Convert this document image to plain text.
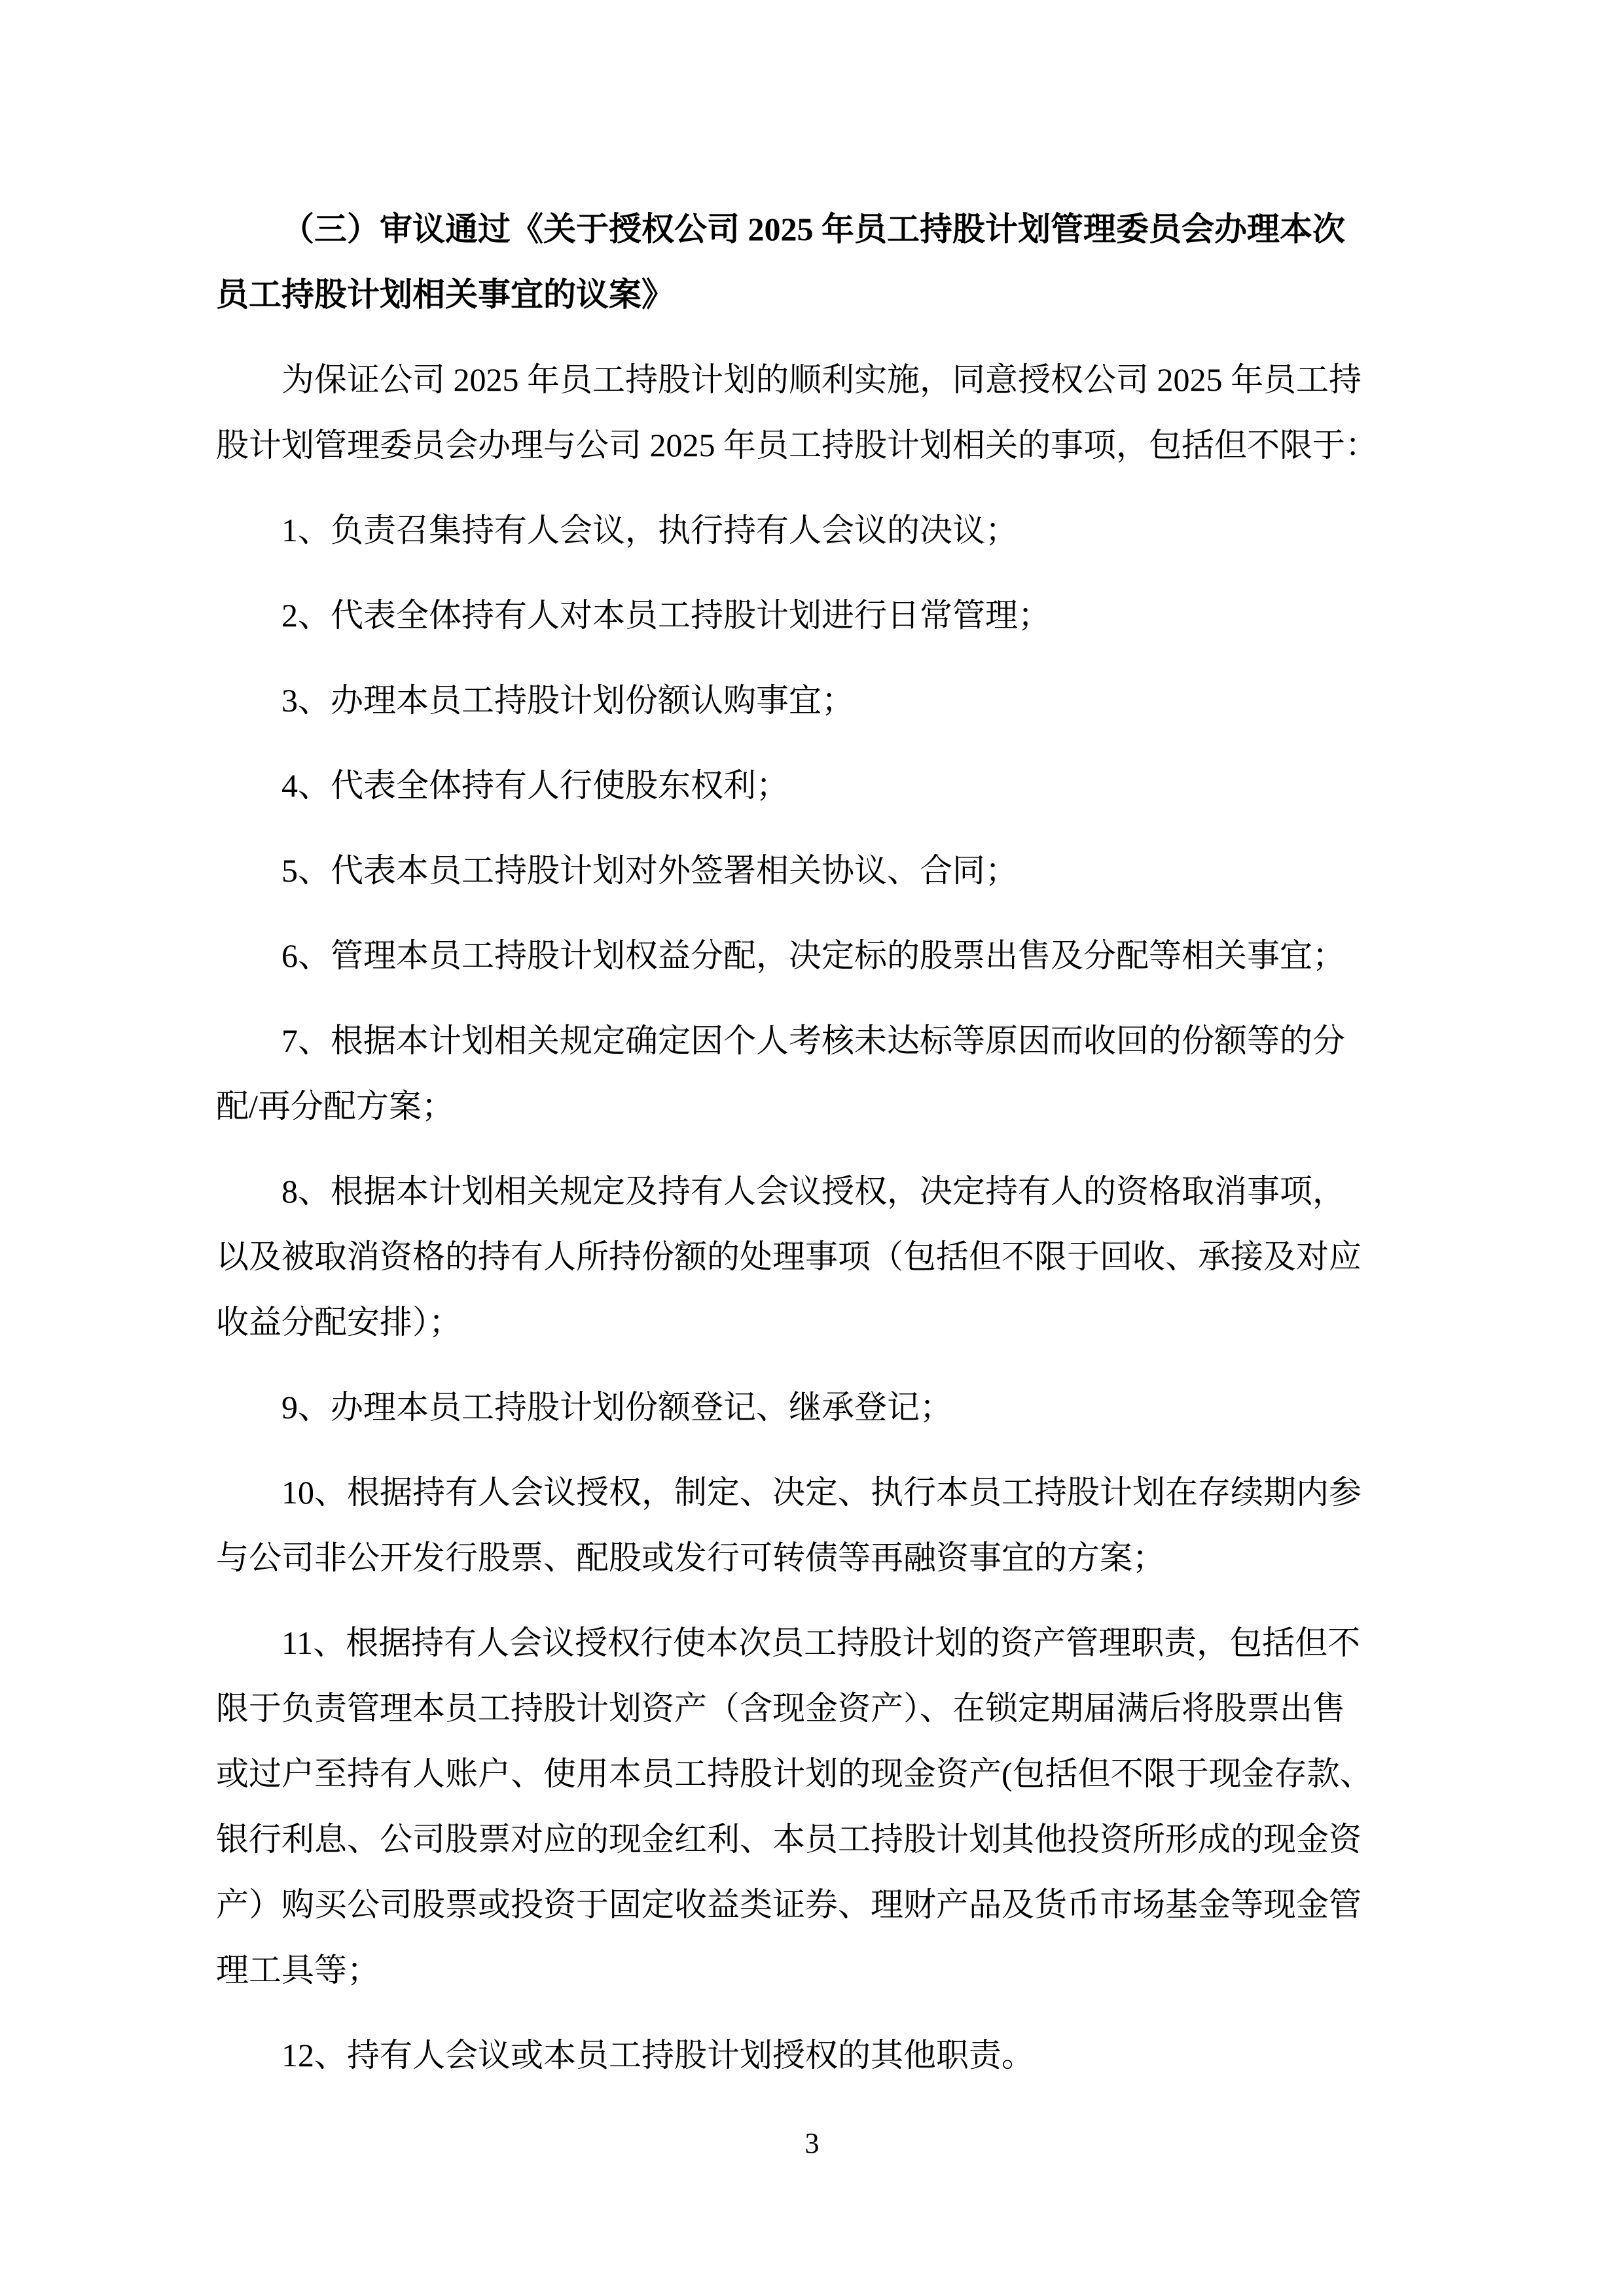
（三）审议通过《关于授权公司 2025 年员工持股计划管理委员会办理本次
员工持股计划相关事宜的议案》
为保证公司 2025 年员工持股计划的顺利实施，同意授权公司 2025 年员工持
股计划管理委员会办理与公司 2025 年员工持股计划相关的事项，包括但不限于：
1、负责召集持有人会议，执行持有人会议的决议；
2、代表全体持有人对本员工持股计划进行日常管理；
3、办理本员工持股计划份额认购事宜；
4、代表全体持有人行使股东权利；
5、代表本员工持股计划对外签署相关协议、合同；
6、管理本员工持股计划权益分配，决定标的股票出售及分配等相关事宜；
7、根据本计划相关规定确定因个人考核未达标等原因而收回的份额等的分
配/再分配方案；
8、根据本计划相关规定及持有人会议授权，决定持有人的资格取消事项，
以及被取消资格的持有人所持份额的处理事项（包括但不限于回收、承接及对应
收益分配安排）；
9、办理本员工持股计划份额登记、继承登记；
10、根据持有人会议授权，制定、决定、执行本员工持股计划在存续期内参
与公司非公开发行股票、配股或发行可转债等再融资事宜的方案；
11、根据持有人会议授权行使本次员工持股计划的资产管理职责，包括但不
限于负责管理本员工持股计划资产（含现金资产）、在锁定期届满后将股票出售
或过户至持有人账户、使用本员工持股计划的现金资产(包括但不限于现金存款、
银行利息、公司股票对应的现金红利、本员工持股计划其他投资所形成的现金资
产）购买公司股票或投资于固定收益类证券、理财产品及货币市场基金等现金管
理工具等；
12、持有人会议或本员工持股计划授权的其他职责。
3
